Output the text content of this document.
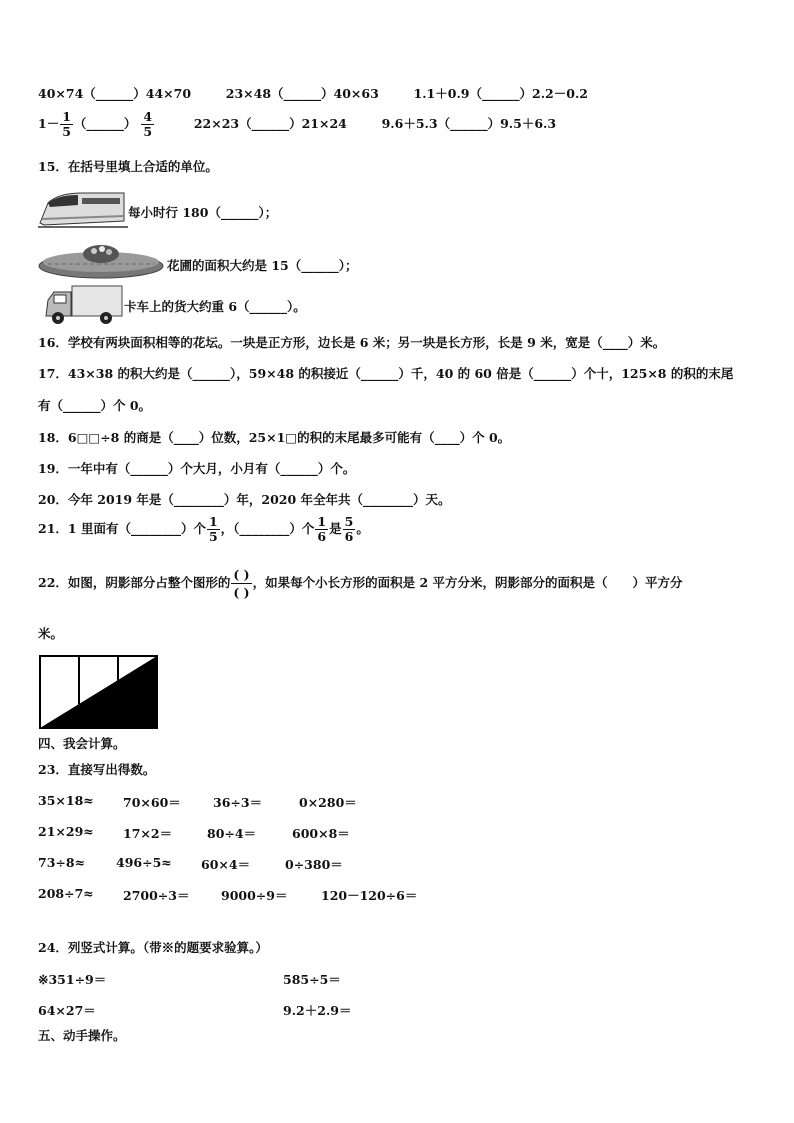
40×74（______）44×70	23×48（______）40×63	1.1＋0.9（______）2.2－0.2
$1- \frac{1}{5}$ （______） $\frac{4}{5}$	22×23（______）21×24	9.6＋5.3（______）9.5＋6.3
15．在括号里填上合适的单位。
每小时行 180（______）；
花圃的面积大约是 15（______）；
卡车上的货大约重 6（______）。
16．学校有两块面积相等的花坛。一块是正方形，边长是 6 米；另一块是长方形，长是 9 米，宽是（____）米。
17．43×38 的积大约是（______），59×48 的积接近（______）千，40 的 60 倍是（______）个十，125×8 的积的末尾
有（______）个 0。
18．6□□÷8 的商是（____）位数，25×1□的积的末尾最多可能有（____）个 0。
19．一年中有（______）个大月，小月有（______）个。
20．今年 2019 年是（________）年，2020 年全年共（________）天。
21．1 里面有（________）个 $\frac{1}{5}$ ，（________）个 $\frac{1}{6}$ 是 $\frac{5}{6}$ 。
22．如图，阴影部分占整个图形的 $\frac{( )}{( )}$ ，如果每个小长方形的面积是 2 平方分米，阴影部分的面积是（　　）平方分
米。
四、我会计算。
23．直接写出得数。
35×18≈ 70×60＝	36÷3＝	0×280＝
21×29≈ 17×2＝	80÷4＝	600×8＝
73÷8≈ 496÷5≈ 60×4＝	0÷380＝
208÷7≈ 2700÷3＝	9000÷9＝	120－120÷6＝
24．列竖式计算。（带※的题要求验算。）
※351÷9＝	585÷5＝
64×27＝	9.2＋2.9＝
五、动手操作。
